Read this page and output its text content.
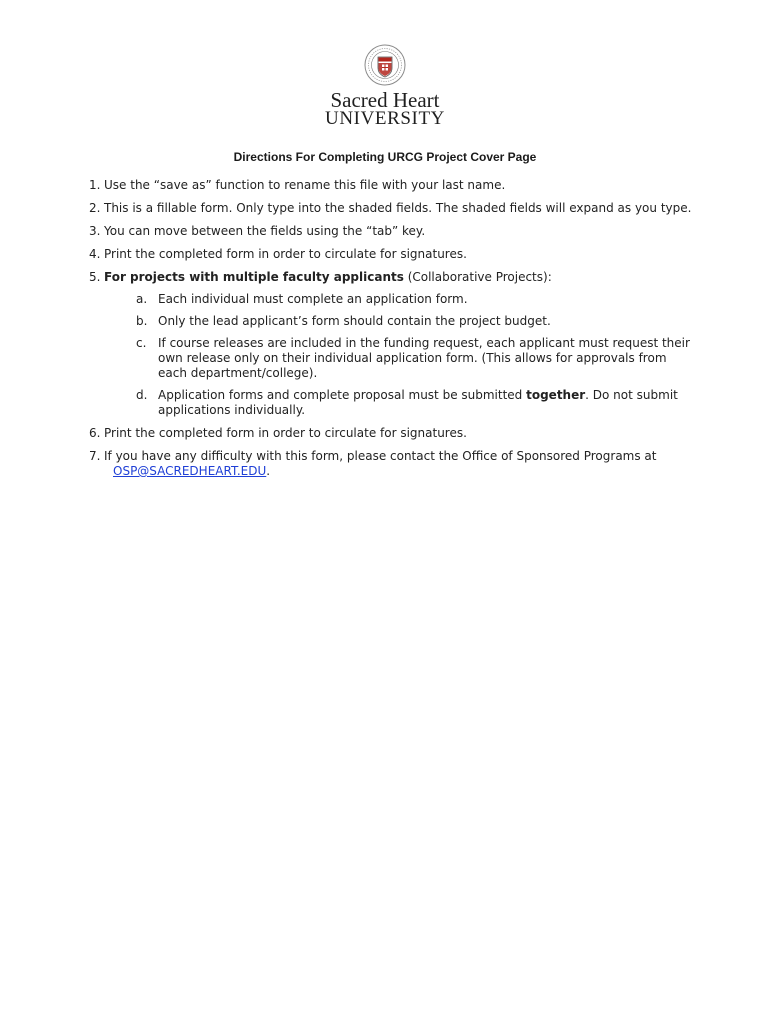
Sacred Heart
UNIVERSITY
Directions For Completing URCG Project Cover Page
1. Use the “save as” function to rename this file with your last name.
2. This is a fillable form. Only type into the shaded fields. The shaded fields will expand as you type.
3. You can move between the fields using the “tab” key.
4. Print the completed form in order to circulate for signatures.
5. For projects with multiple faculty applicants (Collaborative Projects):
a. Each individual must complete an application form.
b. Only the lead applicant’s form should contain the project budget.
c. If course releases are included in the funding request, each applicant must request their own release only on their individual application form. (This allows for approvals from each department/college).
d. Application forms and complete proposal must be submitted together. Do not submit applications individually.
6. Print the completed form in order to circulate for signatures.
7. If you have any difficulty with this form, please contact the Office of Sponsored Programs at OSP@SACREDHEART.EDU.
